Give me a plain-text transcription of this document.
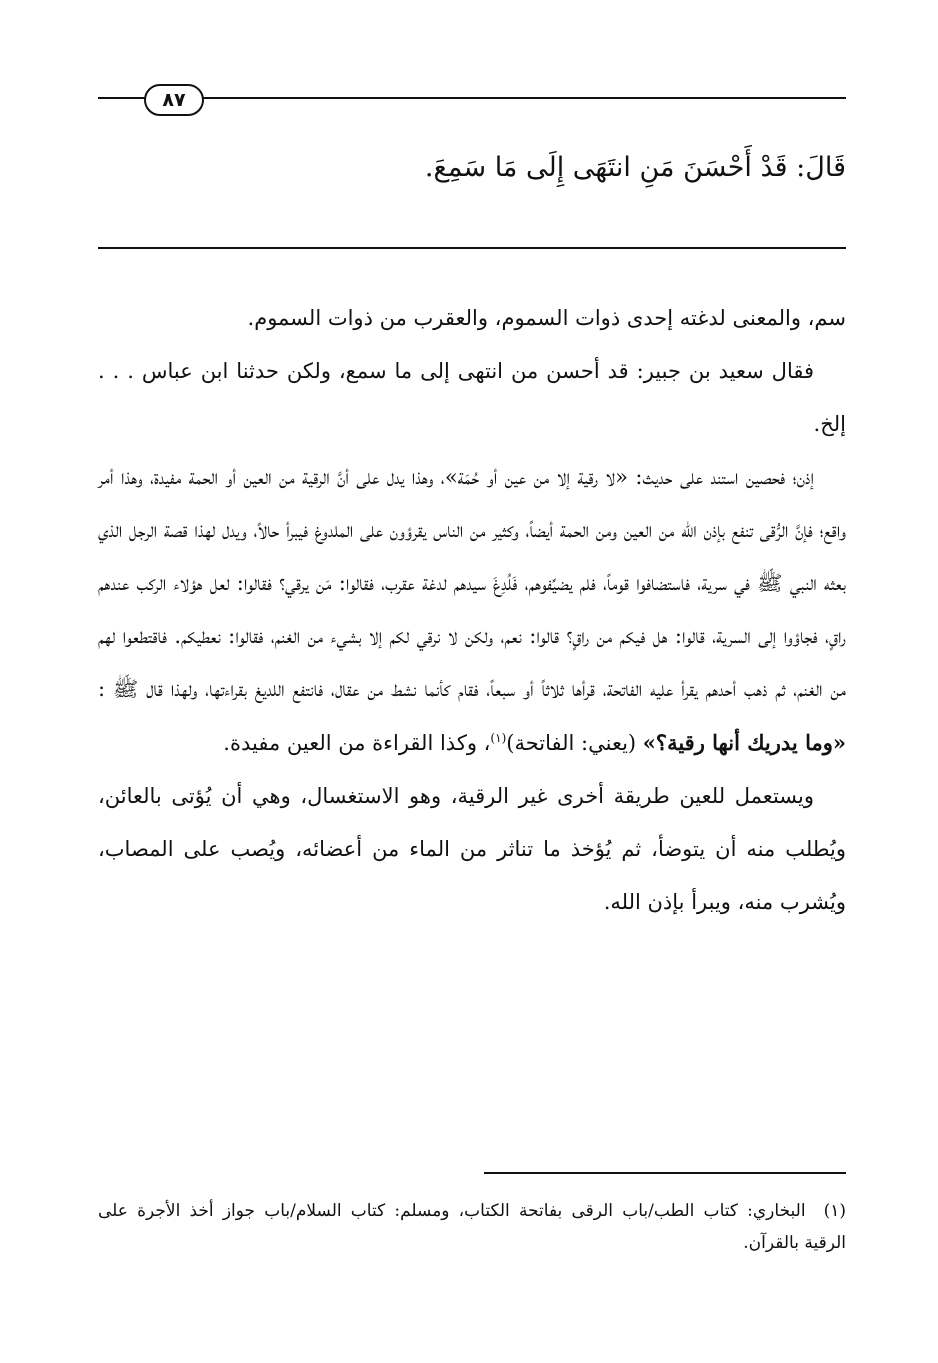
٨٧
قَالَ: قَدْ أَحْسَنَ مَنِ انتَهَى إِلَى مَا سَمِعَ.

سم، والمعنى لدغته إحدى ذوات السموم، والعقرب من ذوات السموم.

فقال سعيد بن جبير: قد أحسن من انتهى إلى ما سمع، ولكن حدثنا ابن عباس . . . إلخ.

إذن؛ فحصين استند على حديث: «لا رقية إلا من عين أو حُمَة»، وهذا يدل على أنَّ الرقية من العين أو الحمة مفيدة، وهذا أمر واقع؛ فإنَّ الرُّقى تنفع بإذن الله من العين ومن الحمة أيضاً، وكثير من الناس يقرؤون على الملدوغ فيبرأ حالاً، ويدل لهذا قصة الرجل الذي بعثه النبي ﷺ في سرية، فاستضافوا قوماً، فلم يضيِّفوهم، فَلُدِغَ سيدهم لدغة عقرب، فقالوا: مَن يرقي؟ فقالوا: لعل هؤلاء الركب عندهم راقٍ، فجاؤوا إلى السرية، قالوا: هل فيكم من راقٍ؟ قالوا: نعم، ولكن لا نرقي لكم إلا بشيء من الغنم، فقالوا: نعطيكم. فاقتطعوا لهم من الغنم، ثم ذهب أحدهم يقرأ عليه الفاتحة، قرأها ثلاثاً أو سبعاً، فقام كأنما نشط من عقال، فانتفع اللديغ بقراءتها، ولهذا قال ﷺ : «وما يدريك أنها رقية؟» (يعني: الفاتحة)$^{(١)}$، وكذا القراءة من العين مفيدة.

ويستعمل للعين طريقة أخرى غير الرقية، وهو الاستغسال، وهي أن يُؤتى بالعائن، ويُطلب منه أن يتوضأ، ثم يُؤخذ ما تناثر من الماء من أعضائه، ويُصب على المصاب، ويُشرب منه، ويبرأ بإذن الله.

(١)البخاري: كتاب الطب/باب الرقى بفاتحة الكتاب، ومسلم: كتاب السلام/باب جواز أخذ الأجرة على الرقية بالقرآن.
